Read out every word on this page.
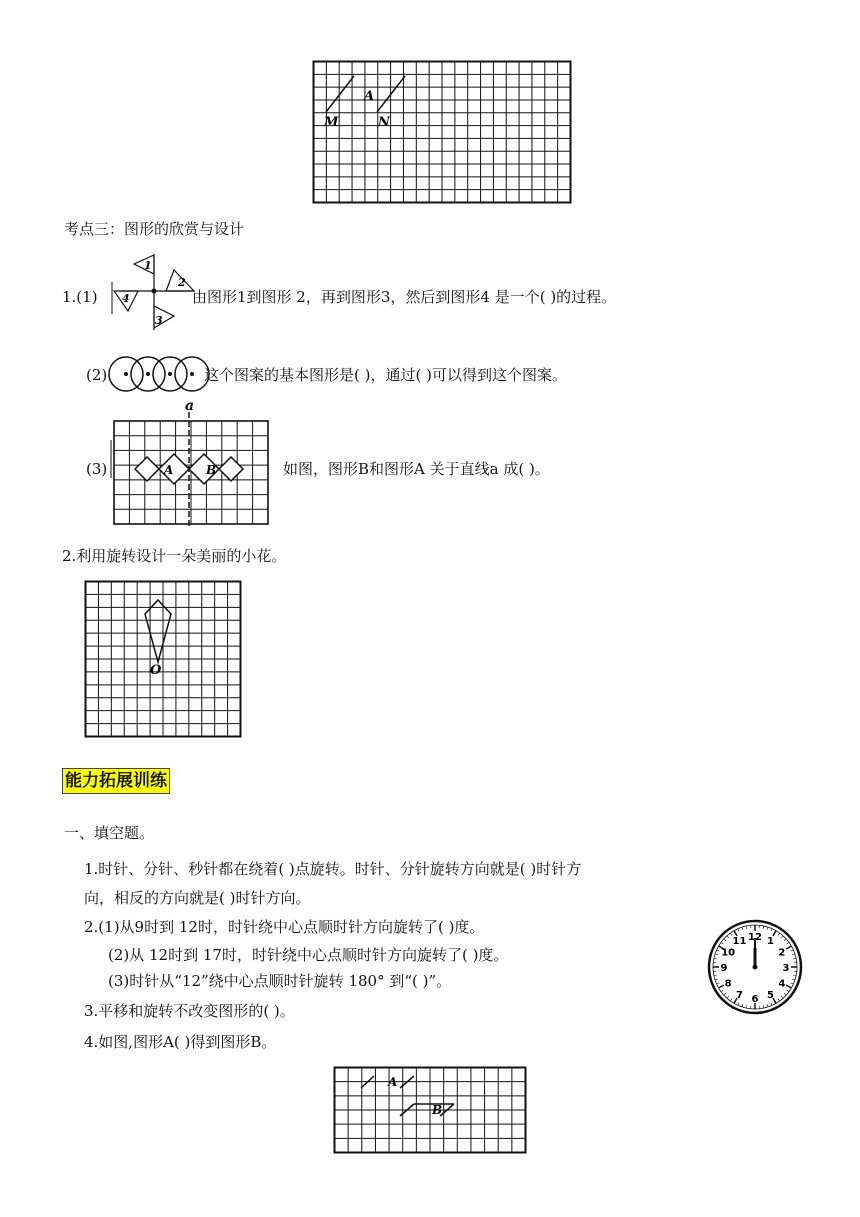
A
M	N
考点三：图形的欣赏与设计
1.(1)
1
2
3
4	由图形1到图形 2，再到图形3，然后到图形4 是一个( )的过程。
(2)	这个图案的基本图形是( )，通过( )可以得到这个图案。
(3)
a
A	B	如图，图形B和图形A 关于直线a 成( )。
2.利用旋转设计一朵美丽的小花。
O
能力拓展训练
一、填空题。
1.时针、分针、秒针都在绕着( )点旋转。时针、分针旋转方向就是( )时针方
向，相反的方向就是( )时针方向。
2.(1)从9时到 12时，时针绕中心点顺时针方向旋转了( )度。
(2)从 12时到 17时，时针绕中心点顺时针方向旋转了( )度。
(3)时针从“12”绕中心点顺时针旋转 180° 到“( )”。
3.平移和旋转不改变图形的( )。
4.如图,图形A( )得到图形B。
12 1
2
3
4
5
6
7
8
9
10
11
A
B
